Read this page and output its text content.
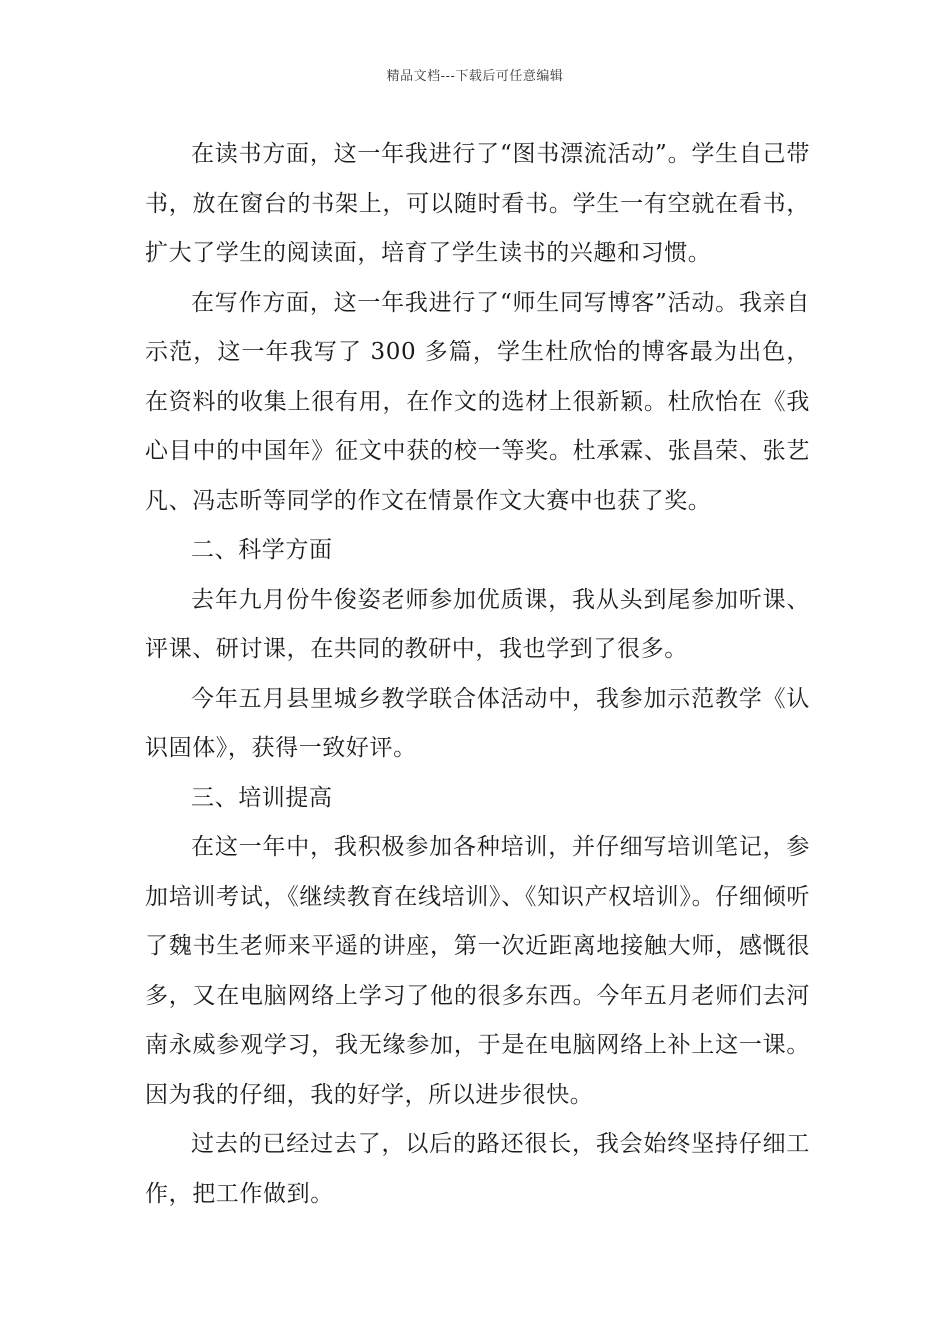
精品文档---下载后可任意编辑

在读书方面，这一年我进行了“图书漂流活动”。学生自己带书，放在窗台的书架上，可以随时看书。学生一有空就在看书，扩大了学生的阅读面，培育了学生读书的兴趣和习惯。

在写作方面，这一年我进行了“师生同写博客”活动。我亲自示范，这一年我写了 300 多篇，学生杜欣怡的博客最为出色，在资料的收集上很有用，在作文的选材上很新颖。杜欣怡在《我心目中的中国年》征文中获的校一等奖。杜承霖、张昌荣、张艺凡、冯志昕等同学的作文在情景作文大赛中也获了奖。

二、科学方面

去年九月份牛俊姿老师参加优质课，我从头到尾参加听课、评课、研讨课，在共同的教研中，我也学到了很多。

今年五月县里城乡教学联合体活动中，我参加示范教学《认识固体》，获得一致好评。

三、培训提高

在这一年中，我积极参加各种培训，并仔细写培训笔记，参加培训考试，《继续教育在线培训》、《知识产权培训》。仔细倾听了魏书生老师来平遥的讲座，第一次近距离地接触大师，感慨很多，又在电脑网络上学习了他的很多东西。今年五月老师们去河南永威参观学习，我无缘参加，于是在电脑网络上补上这一课。因为我的仔细，我的好学，所以进步很快。

过去的已经过去了，以后的路还很长，我会始终坚持仔细工作，把工作做到。
